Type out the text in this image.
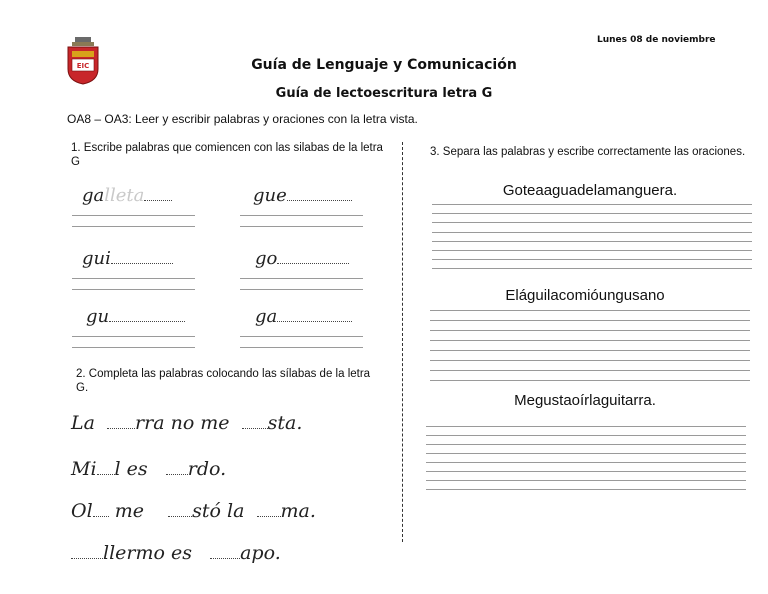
EIC
Lunes 08 de noviembre
Guía de Lenguaje y Comunicación
Guía de lectoescritura letra G
OA8 – OA3: Leer y escribir palabras y oraciones con la letra vista.
1. Escribe palabras que comiencen con las silabas de la letra G
galleta	gue
gui	go
gu	ga
2. Completa las palabras colocando las sílabas de la letra G.
La rra no me sta.
Mi l es rdo.
Ol me	stó la ma.
llermo es	apo.
3. Separa las palabras y escribe correctamente las oraciones.
Goteaaguadelamanguera.
Eláguilacomióungusano
Megustaoírlaguitarra.
